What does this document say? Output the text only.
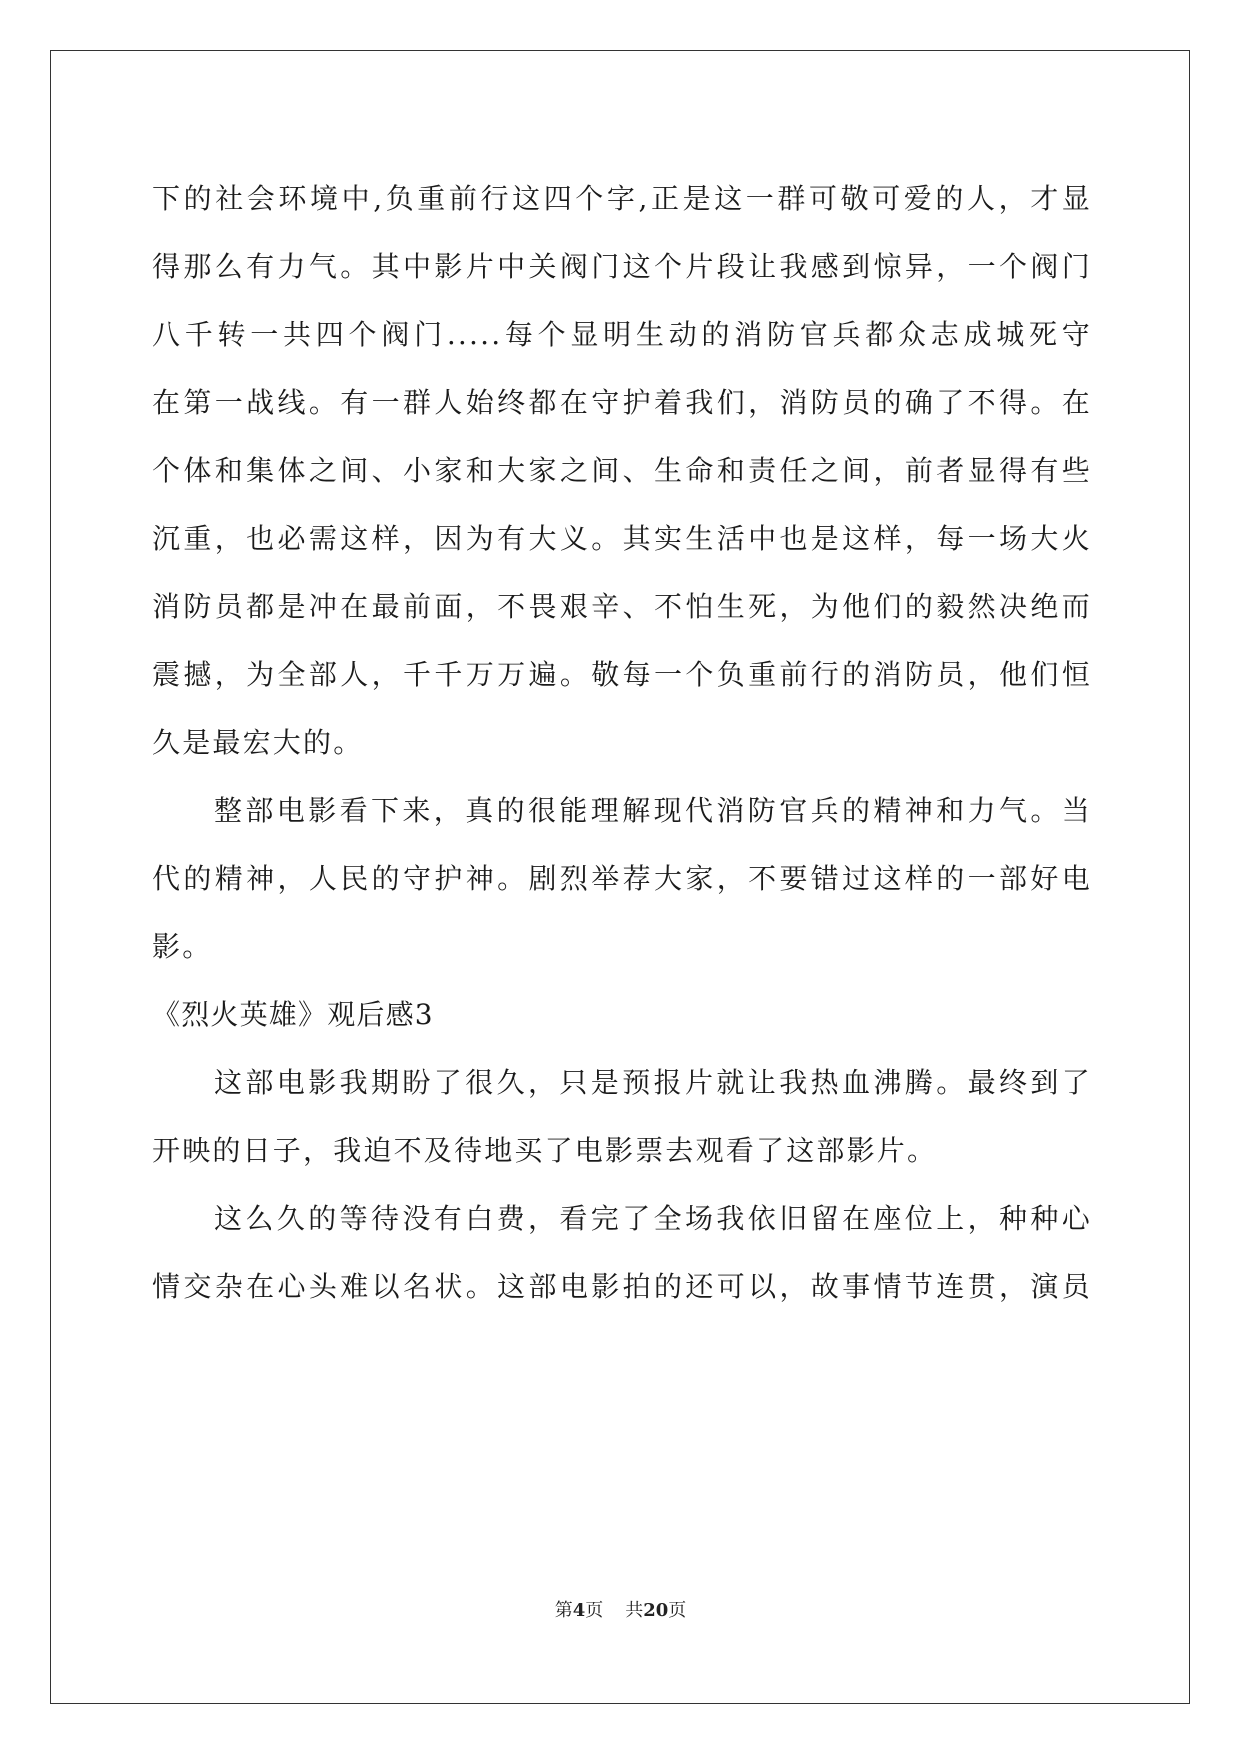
下的社会环境中,负重前行这四个字,正是这一群可敬可爱的人，才显
得那么有力气。其中影片中关阀门这个片段让我感到惊异，一个阀门
八千转一共四个阀门.....每个显明生动的消防官兵都众志成城死守
在第一战线。有一群人始终都在守护着我们，消防员的确了不得。在
个体和集体之间、小家和大家之间、生命和责任之间，前者显得有些
沉重，也必需这样，因为有大义。其实生活中也是这样，每一场大火
消防员都是冲在最前面，不畏艰辛、不怕生死，为他们的毅然决绝而
震撼，为全部人，千千万万遍。敬每一个负重前行的消防员，他们恒
久是最宏大的。
整部电影看下来，真的很能理解现代消防官兵的精神和力气。当
代的精神，人民的守护神。剧烈举荐大家，不要错过这样的一部好电
影。
《烈火英雄》观后感3
这部电影我期盼了很久，只是预报片就让我热血沸腾。最终到了
开映的日子，我迫不及待地买了电影票去观看了这部影片。
这么久的等待没有白费，看完了全场我依旧留在座位上，种种心
情交杂在心头难以名状。这部电影拍的还可以，故事情节连贯，演员
第4页 共20页
